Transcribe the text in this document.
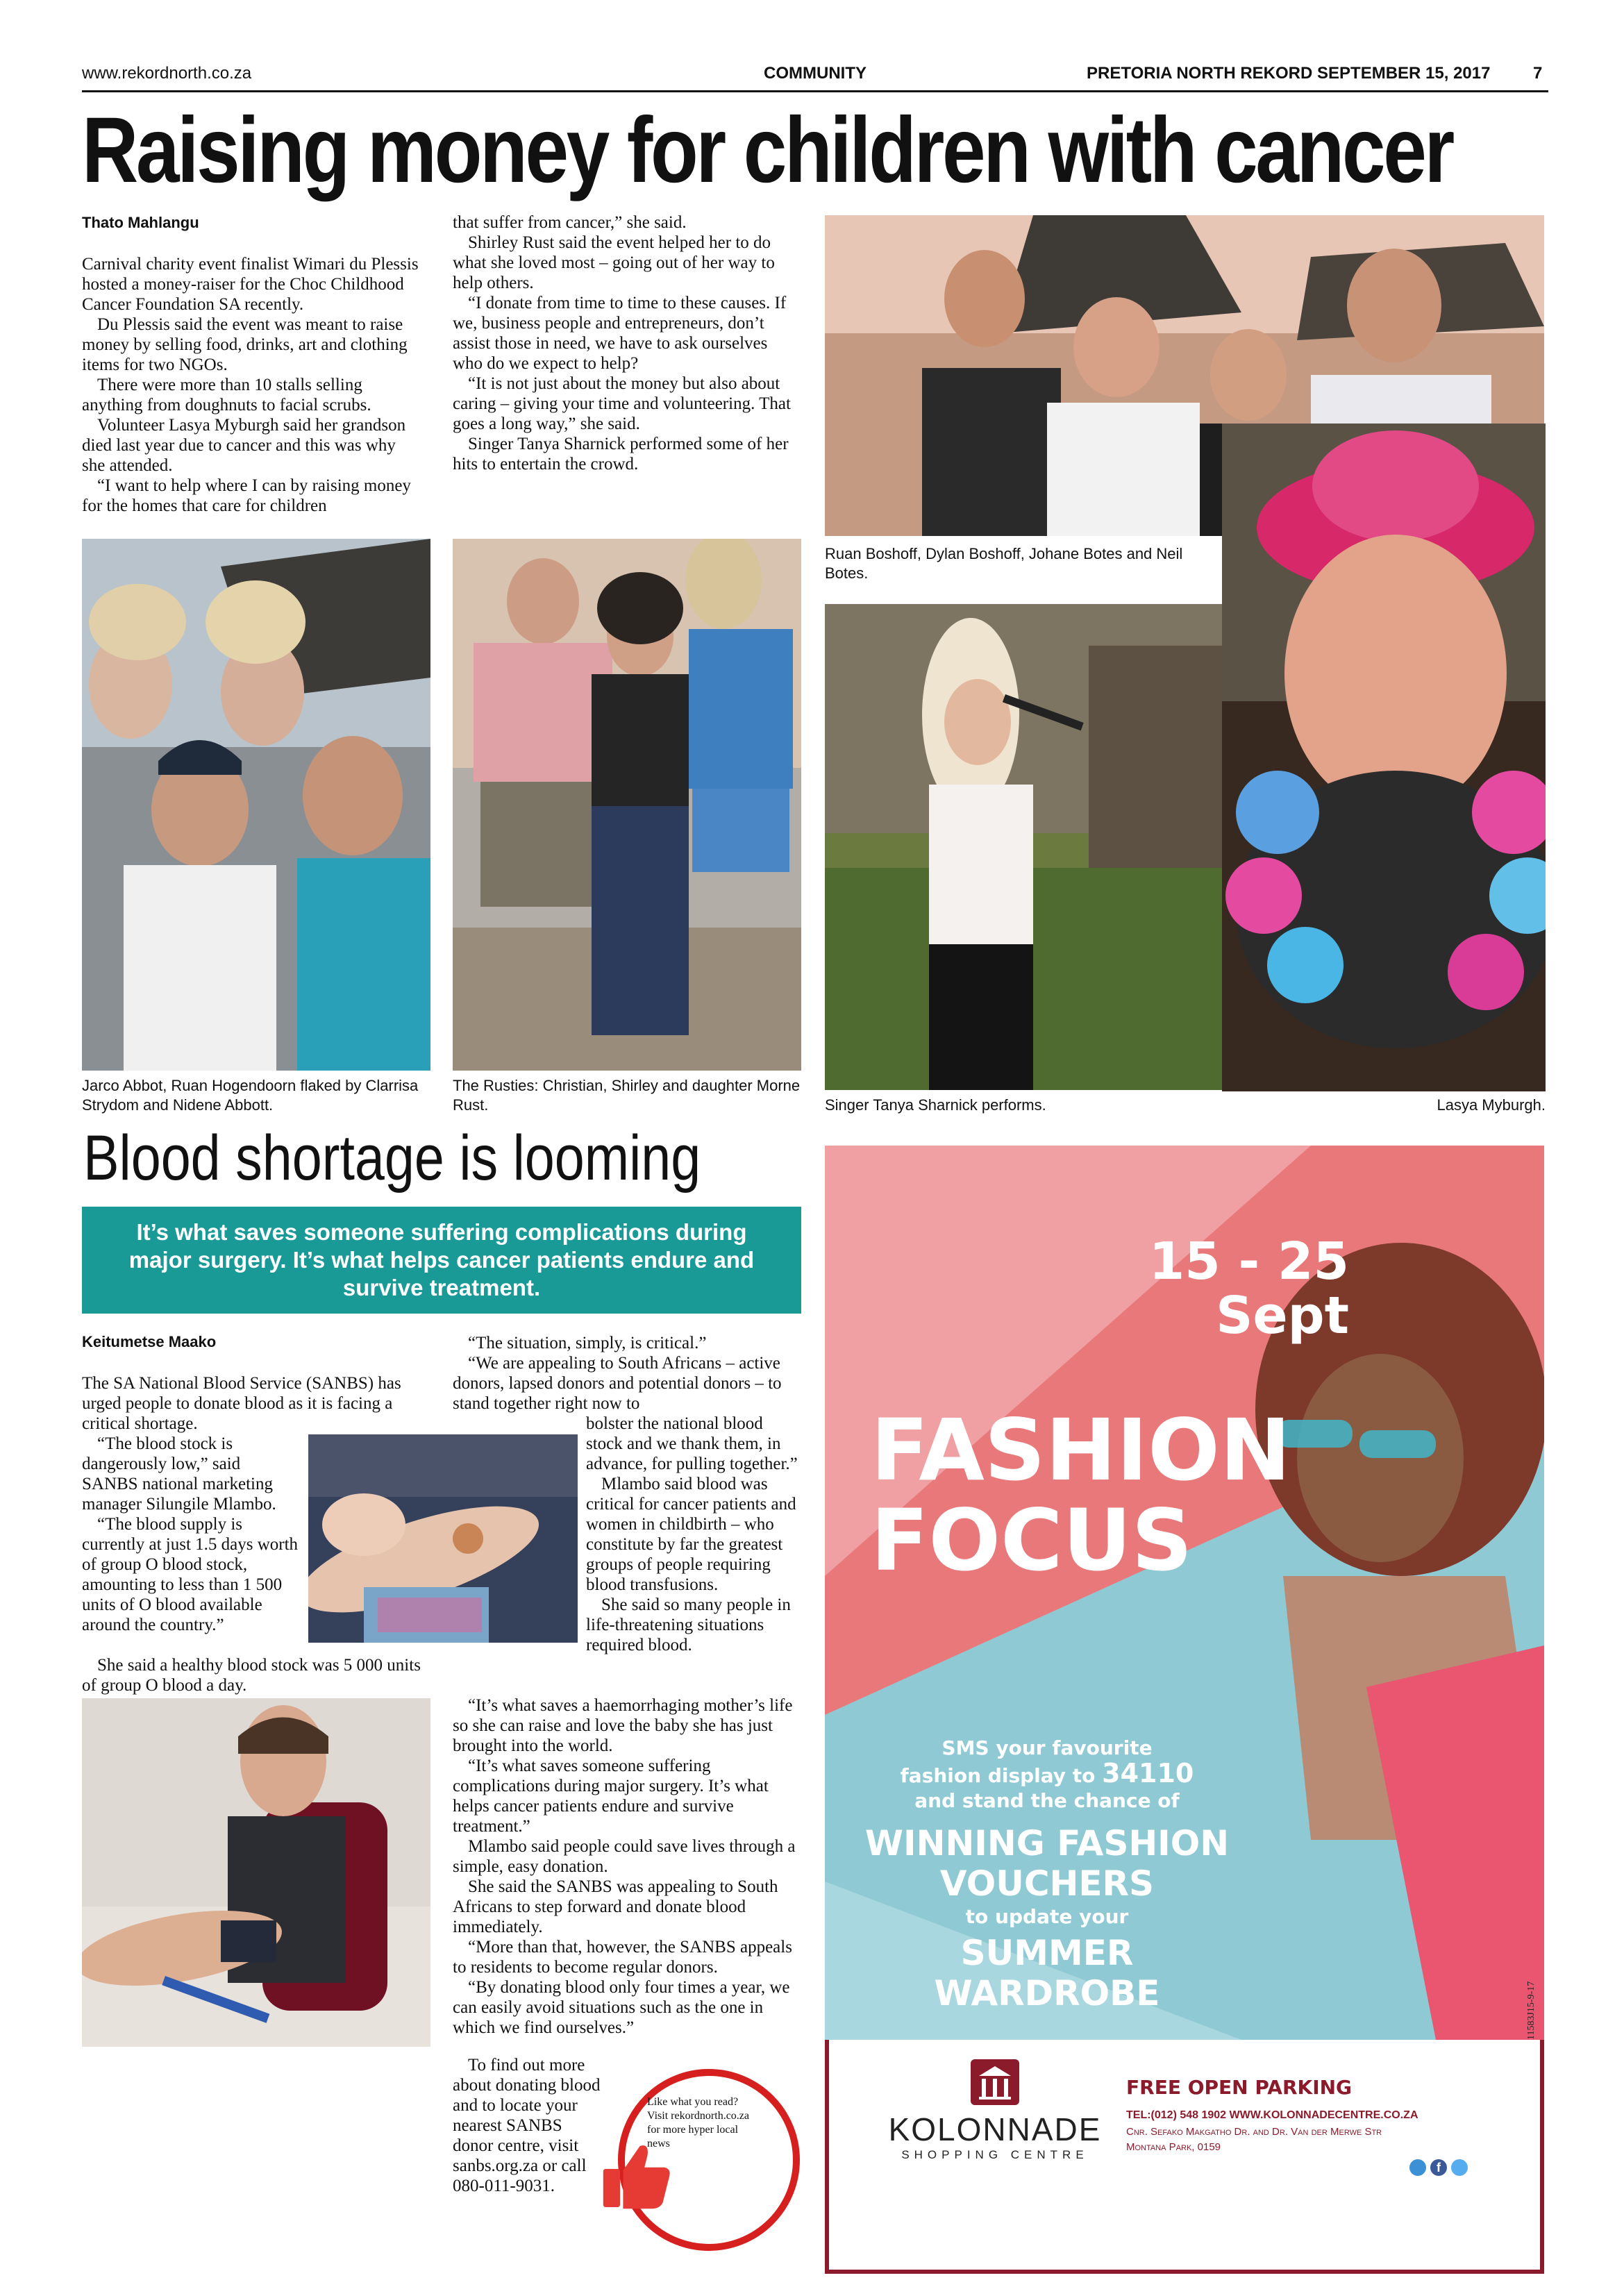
www.rekordnorth.co.za	COMMUNITY	PRETORIA NORTH REKORD SEPTEMBER 15, 2017	7
Raising money for children with cancer
Thato Mahlangu

Carnival charity event finalist Wimari du Plessis hosted a money-raiser for the Choc Childhood Cancer Foundation SA recently.

Du Plessis said the event was meant to raise money by selling food, drinks, art and clothing items for two NGOs.

There were more than 10 stalls selling anything from doughnuts to facial scrubs.

Volunteer Lasya Myburgh said her grandson died last year due to cancer and this was why she attended.

“I want to help where I can by raising money for the homes that care for children

that suffer from cancer,” she said.

Shirley Rust said the event helped her to do what she loved most – going out of her way to help others.

“I donate from time to time to these causes. If we, business people and entrepreneurs, don’t assist those in need, we have to ask ourselves who do we expect to help?

“It is not just about the money but also about caring – giving your time and volunteering. That goes a long way,” she said.

Singer Tanya Sharnick performed some of her hits to entertain the crowd.

Ruan Boshoff, Dylan Boshoff, Johane Botes and Neil Botes.
Jarco Abbot, Ruan Hogendoorn flaked by Clarrisa Strydom and Nidene Abbott.
The Rusties: Christian, Shirley and daughter Morne Rust.	Singer Tanya Sharnick performs.	Lasya Myburgh.
Blood shortage is looming
It’s what saves someone suffering complications during major surgery. It’s what helps cancer patients endure and survive treatment.
Keitumetse Maako

The SA National Blood Service (SANBS) has urged people to donate blood as it is facing a critical shortage.

“The blood stock is dangerously low,” said SANBS national marketing manager Silungile Mlambo.

“The blood supply is currently at just 1.5 days worth of group O blood stock, amounting to less than 1 500 units of O blood available around the country.”

She said a healthy blood stock was 5 000 units of group O blood a day.

“The situation, simply, is critical.”

“We are appealing to South Africans – active donors, lapsed donors and potential donors – to stand together right now to

bolster the national blood stock and we thank them, in advance, for pulling together.”

Mlambo said blood was critical for cancer patients and women in childbirth – who constitute by far the greatest groups of people requiring blood transfusions.

She said so many people in life-threatening situations required blood.

“It’s what saves a haemorrhaging mother’s life so she can raise and love the baby she has just brought into the world.

“It’s what saves someone suffering complications during major surgery. It’s what helps cancer patients endure and survive treatment.”

Mlambo said people could save lives through a simple, easy donation.

She said the SANBS was appealing to South Africans to step forward and donate blood immediately.

“More than that, however, the SANBS appeals to residents to become regular donors.

“By donating blood only four times a year, we can easily avoid situations such as the one in which we find ourselves.”

To find out more about donating blood and to locate your nearest SANBS donor centre, visit sanbs.org.za or call 080-011-9031.

Like what you read? Visit rekordnorth.co.za for more hyper local news
15 - 25
Sept
FASHION
FOCUS
SMS your favourite
fashion display to 34110
and stand the chance of
WINNING FASHION
VOUCHERS
to update your
SUMMER
WARDROBE
KOLONNADE
SHOPPING CENTRE
FREE OPEN PARKING
TEL:(012) 548 1902 WWW.KOLONNADECENTRE.CO.ZA
Cnr. Sefako Makgatho Dr. and Dr. Van der Merwe Str
Montana Park, 0159
f
11583J15-9-17
